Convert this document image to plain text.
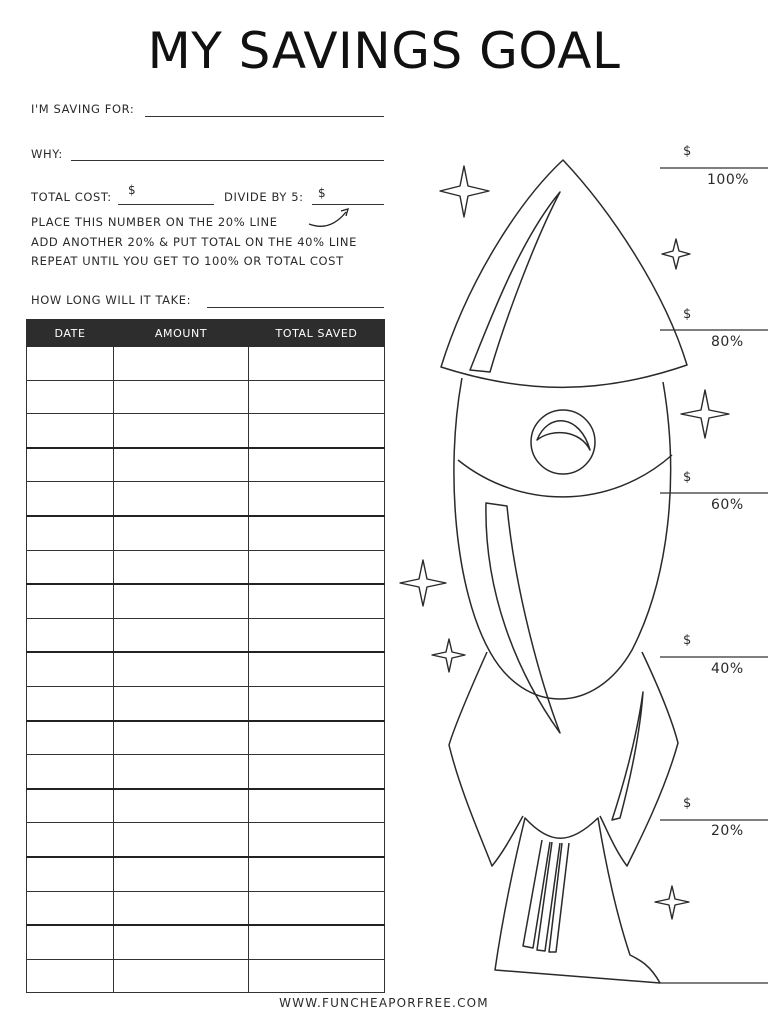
MY SAVINGS GOAL
I'M SAVING FOR:
WHY:
TOTAL COST: $	DIVIDE BY 5: $
PLACE THIS NUMBER ON THE 20% LINE
ADD ANOTHER 20% & PUT TOTAL ON THE 40% LINE
REPEAT UNTIL YOU GET TO 100% OR TOTAL COST
HOW LONG WILL IT TAKE:
DATE	AMOUNT	TOTAL SAVED

$
100%
$
80%
$
60%
$
40%
$
20%
WWW.FUNCHEAPORFREE.COM
